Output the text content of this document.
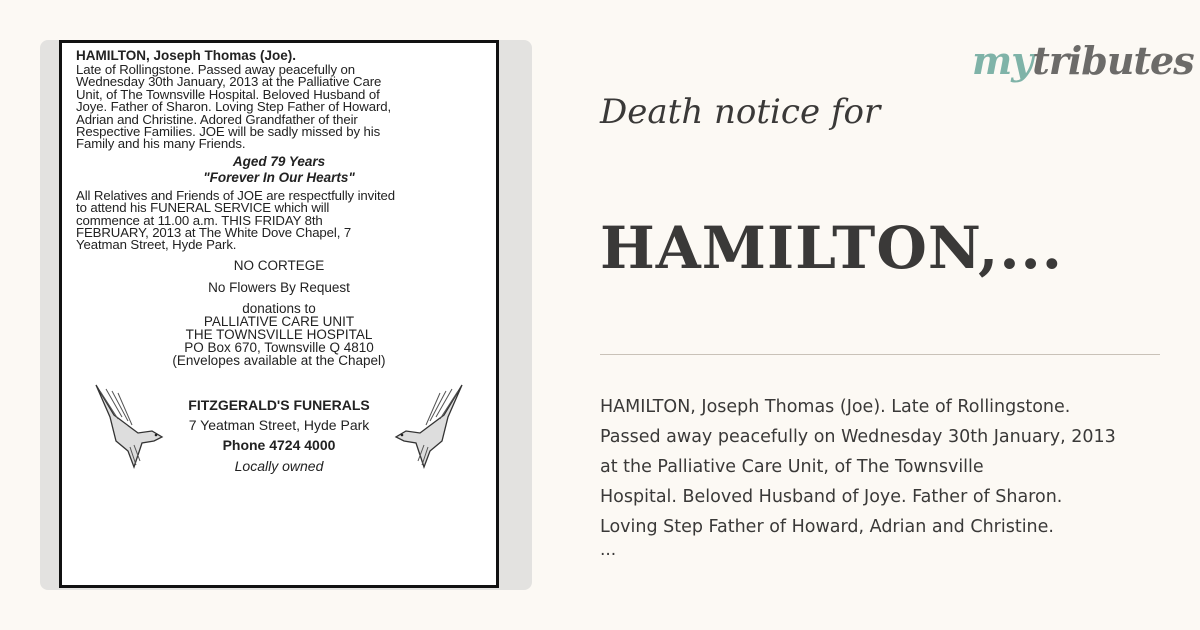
HAMILTON, Joseph Thomas (Joe).
Late of Rollingstone. Passed away peacefully on
Wednesday 30th January, 2013 at the Palliative Care
Unit, of The Townsville Hospital. Beloved Husband of
Joye. Father of Sharon. Loving Step Father of Howard,
Adrian and Christine. Adored Grandfather of their
Respective Families. JOE will be sadly missed by his
Family and his many Friends.
Aged 79 Years
"Forever In Our Hearts"
All Relatives and Friends of JOE are respectfully invited
to attend his FUNERAL SERVICE which will
commence at 11.00 a.m. THIS FRIDAY 8th
FEBRUARY, 2013 at The White Dove Chapel, 7
Yeatman Street, Hyde Park.
NO CORTEGE
No Flowers By Request
donations to
PALLIATIVE CARE UNIT
THE TOWNSVILLE HOSPITAL
PO Box 670, Townsville Q 4810
(Envelopes available at the Chapel)
FITZGERALD'S FUNERALS
7 Yeatman Street, Hyde Park
Phone 4724 4000
Locally owned
mytributes
Death notice for
HAMILTON,...
HAMILTON, Joseph Thomas (Joe). Late of Rollingstone.
Passed away peacefully on Wednesday 30th January, 2013
at the Palliative Care Unit, of The Townsville
Hospital. Beloved Husband of Joye. Father of Sharon.
Loving Step Father of Howard, Adrian and Christine.
...
